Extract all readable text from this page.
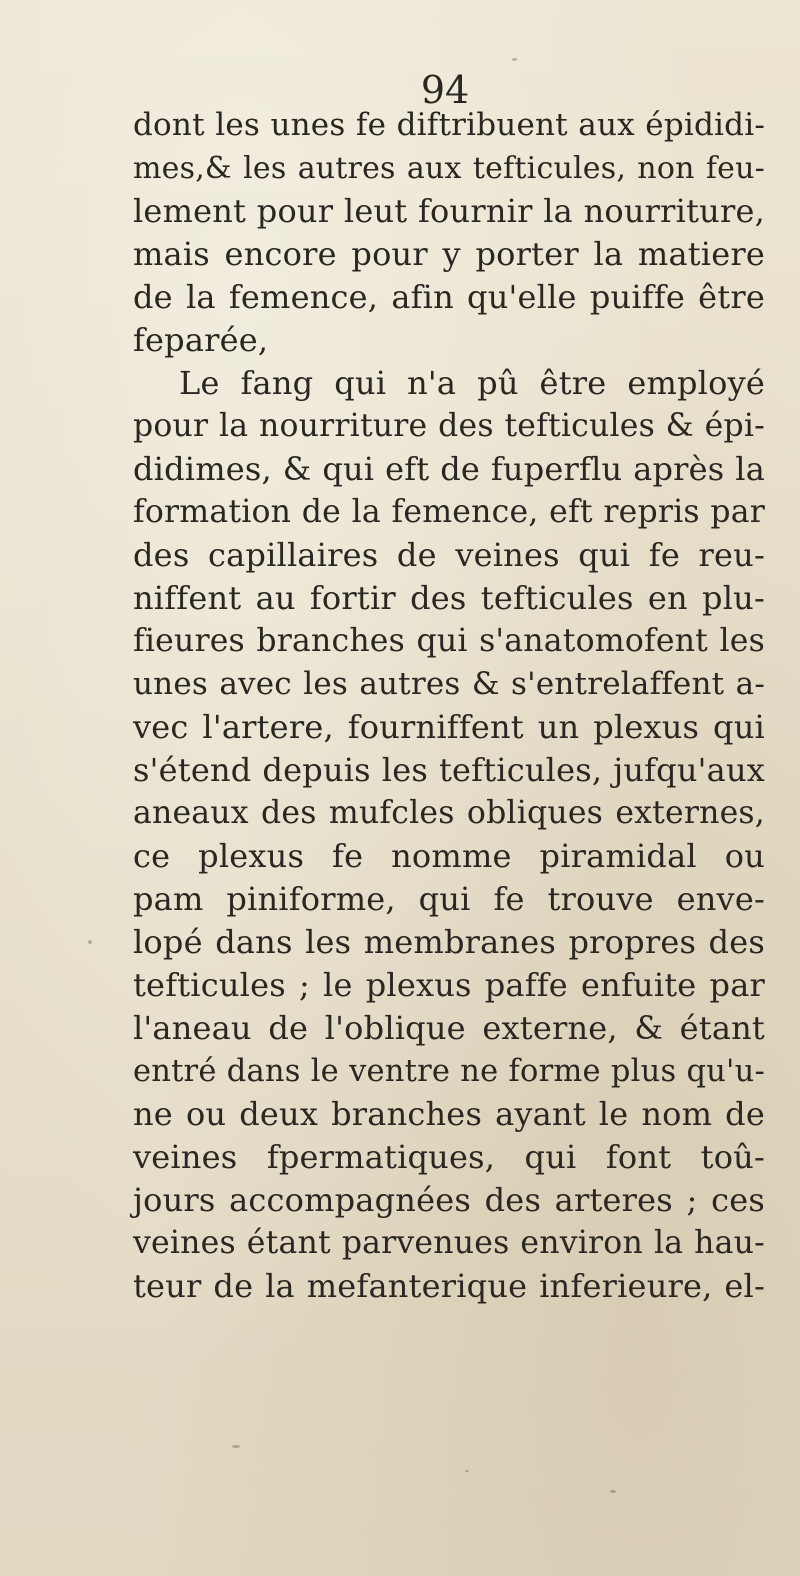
94
dont les unes fe diftribuent aux épididi-
mes,& les autres aux tefticules, non feu-
lement pour leut fournir la nourriture,
mais encore pour y porter la matiere
de la femence, afin qu'elle puiffe être
feparée,
Le fang qui n'a pû être employé
pour la nourriture des tefticules & épi-
didimes, & qui eft de fuperflu après la
formation de la femence, eft repris par
des capillaires de veines qui fe reu-
niffent au fortir des tefticules en plu-
fieures branches qui s'anatomofent les
unes avec les autres & s'entrelaffent a-
vec l'artere, fourniffent un plexus qui
s'étend depuis les tefticules, jufqu'aux
aneaux des mufcles obliques externes,
ce plexus fe nomme piramidal ou
pam piniforme, qui fe trouve enve-
lopé dans les membranes propres des
tefticules ; le plexus paffe enfuite par
l'aneau de l'oblique externe, & étant
entré dans le ventre ne forme plus qu'u-
ne ou deux branches ayant le nom de
veines fpermatiques, qui font toû-
jours accompagnées des arteres ; ces
veines étant parvenues environ la hau-
teur de la mefanterique inferieure, el-
